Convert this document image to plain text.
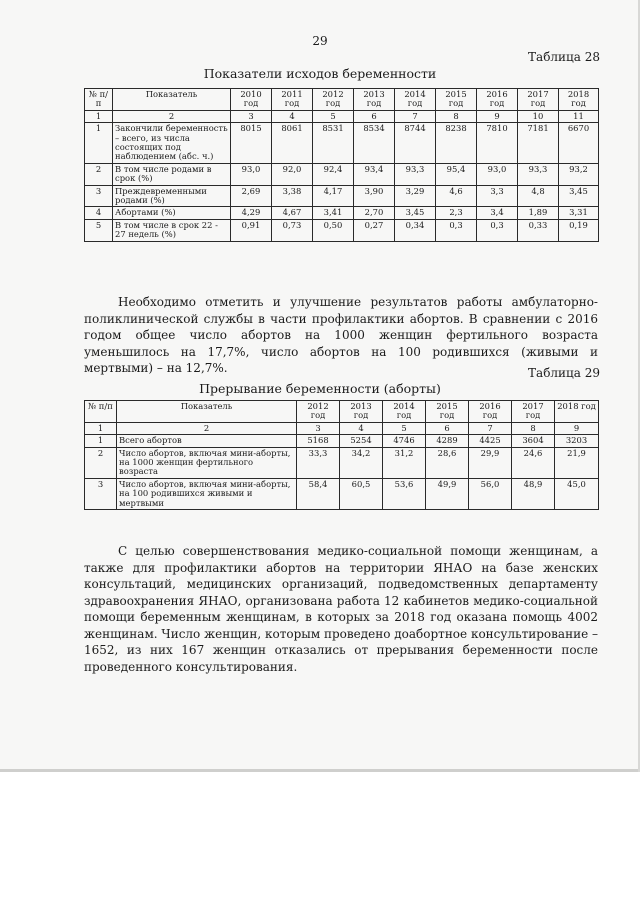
29
Таблица 28
Показатели исходов беременности
№ п/п	Показатель	2010 год	2011 год	2012 год	2013 год	2014 год	2015 год	2016 год	2017 год	2018 год
1	2	3	4	5	6	7	8	9	10	11
1	Закончили беременность – всего, из числа состоящих под наблюдением (абс. ч.)	8015	8061	8531	8534	8744	8238	7810	7181	6670
2	В том числе родами в срок (%)	93,0	92,0	92,4	93,4	93,3	95,4	93,0	93,3	93,2
3	Преждевременными родами (%)	2,69	3,38	4,17	3,90	3,29	4,6	3,3	4,8	3,45
4	Абортами (%)	4,29	4,67	3,41	2,70	3,45	2,3	3,4	1,89	3,31
5	В том числе в срок 22 - 27 недель (%)	0,91	0,73	0,50	0,27	0,34	0,3	0,3	0,33	0,19
Необходимо отметить и улучшение результатов работы амбулаторно-поликлинической службы в части профилактики абортов. В сравнении с 2016 годом общее число абортов на 1000 женщин фертильного возраста уменьшилось на 17,7%, число абортов на 100 родившихся (живыми и мертвыми) – на 12,7%.	Таблица 29
Прерывание беременности (аборты)
№ п/п	Показатель	2012 год	2013 год	2014 год	2015 год	2016 год	2017 год	2018 год
1	2	3	4	5	6	7	8	9
1	Всего абортов	5168	5254	4746	4289	4425	3604	3203
2	Число абортов, включая мини-аборты, на 1000 женщин фертильного возраста	33,3	34,2	31,2	28,6	29,9	24,6	21,9
3	Число абортов, включая мини-аборты, на 100 родившихся живыми и мертвыми	58,4	60,5	53,6	49,9	56,0	48,9	45,0
С целью совершенствования медико-социальной помощи женщинам, а также для профилактики абортов на территории ЯНАО на базе женских консультаций, медицинских организаций, подведомственных департаменту здравоохранения ЯНАО, организована работа 12 кабинетов медико-социальной помощи беременным женщинам, в которых за 2018 год оказана помощь 4002 женщинам. Число женщин, которым проведено доабортное консультирование – 1652, из них 167 женщин отказались от прерывания беременности после проведенного консультирования.
